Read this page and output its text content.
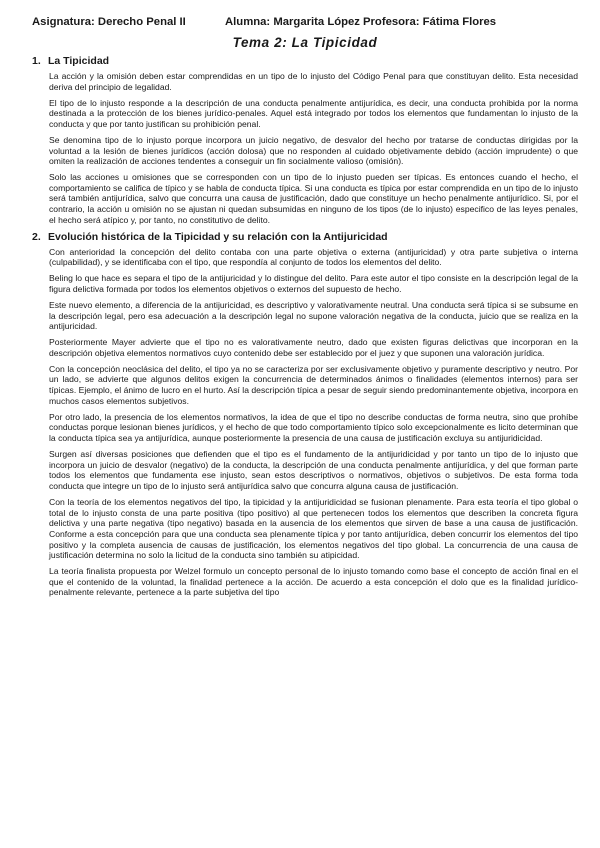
Asignatura: Derecho Penal II	Alumna: Margarita López Profesora: Fátima Flores
Tema 2: La Tipicidad
1. La Tipicidad

La acción y la omisión deben estar comprendidas en un tipo de lo injusto del Código Penal para que constituyan delito. Esta necesidad deriva del principio de legalidad.

El tipo de lo injusto responde a la descripción de una conducta penalmente antijurídica, es decir, una conducta prohibida por la norma destinada a la protección de los bienes jurídico-penales. Aquel está integrado por todos los elementos que fundamentan lo injusto de la conducta y que por tanto justifican su prohibición penal.

Se denomina tipo de lo injusto porque incorpora un juicio negativo, de desvalor del hecho por tratarse de conductas dirigidas por la voluntad a la lesión de bienes jurídicos (acción dolosa) que no responden al cuidado objetivamente debido (acción imprudente) o que omiten la realización de acciones tendentes a conseguir un fin socialmente valioso (omisión).

Solo las acciones u omisiones que se corresponden con un tipo de lo injusto pueden ser típicas. Es entonces cuando el hecho, el comportamiento se califica de típico y se habla de conducta típica. Si una conducta es típica por estar comprendida en un tipo de lo injusto será también antijurídica, salvo que concurra una causa de justificación, dado que constituye un hecho penalmente antijurídico. Si, por el contrario, la acción u omisión no se ajustan ni quedan subsumidas en ninguno de los tipos (de lo injusto) especifico de las leyes penales, el hecho será atípico y, por tanto, no constitutivo de delito.

2. Evolución histórica de la Tipicidad y su relación con la Antijuricidad

Con anterioridad la concepción del delito contaba con una parte objetiva o externa (antijuricidad) y otra parte subjetiva o interna (culpabilidad), y se identificaba con el tipo, que respondía al conjunto de todos los elementos del delito.

Beling lo que hace es separa el tipo de la antijuricidad y lo distingue del delito. Para este autor el tipo consiste en la descripción legal de la figura delictiva formada por todos los elementos objetivos o externos del supuesto de hecho.

Este nuevo elemento, a diferencia de la antijuricidad, es descriptivo y valorativamente neutral. Una conducta será típica si se subsume en la descripción legal, pero esa adecuación a la descripción legal no supone valoración negativa de la conducta, juicio que se realiza en la antijuricidad.

Posteriormente Mayer advierte que el tipo no es valorativamente neutro, dado que existen figuras delictivas que incorporan en la descripción objetiva elementos normativos cuyo contenido debe ser establecido por el juez y que suponen una valoración jurídica.

Con la concepción neoclásica del delito, el tipo ya no se caracteriza por ser exclusivamente objetivo y puramente descriptivo y neutro. Por un lado, se advierte que algunos delitos exigen la concurrencia de determinados ánimos o finalidades (elementos internos) para ser típicas. Ejemplo, el ánimo de lucro en el hurto. Así la descripción típica a pesar de seguir siendo predominantemente objetiva, incorpora en muchos casos elementos subjetivos.

Por otro lado, la presencia de los elementos normativos, la idea de que el tipo no describe conductas de forma neutra, sino que prohíbe conductas porque lesionan bienes jurídicos, y el hecho de que todo comportamiento típico solo excepcionalmente es licito determinan que la conducta típica sea ya antijurídica, aunque posteriormente la presencia de una causa de justificación excluya su antijuridicidad.

Surgen así diversas posiciones que defienden que el tipo es el fundamento de la antijuridicidad y por tanto un tipo de lo injusto que incorpora un juicio de desvalor (negativo) de la conducta, la descripción de una conducta penalmente antijurídica, y del que forman parte todos los elementos que fundamenta ese injusto, sean estos descriptivos o normativos, objetivos o subjetivos. De esta forma toda conducta que integre un tipo de lo injusto será antijurídica salvo que concurra alguna causa de justificación.

Con la teoría de los elementos negativos del tipo, la tipicidad y la antijuridicidad se fusionan plenamente. Para esta teoría el tipo global o total de lo injusto consta de una parte positiva (tipo positivo) al que pertenecen todos los elementos que describen la concreta figura delictiva y una parte negativa (tipo negativo) basada en la ausencia de los elementos que sirven de base a una causa de justificación. Conforme a esta concepción para que una conducta sea plenamente típica y por tanto antijurídica, deben concurrir los elementos del tipo positivo y la completa ausencia de causas de justificación, los elementos negativos del tipo global. La concurrencia de una causa de justificación determina no solo la licitud de la conducta sino también su atipicidad.

La teoría finalista propuesta por Welzel formulo un concepto personal de lo injusto tomando como base el concepto de acción final en el que el contenido de la voluntad, la finalidad pertenece a la acción. De acuerdo a esta concepción el dolo que es la finalidad jurídico-penalmente relevante, pertenece a la parte subjetiva del tipo
